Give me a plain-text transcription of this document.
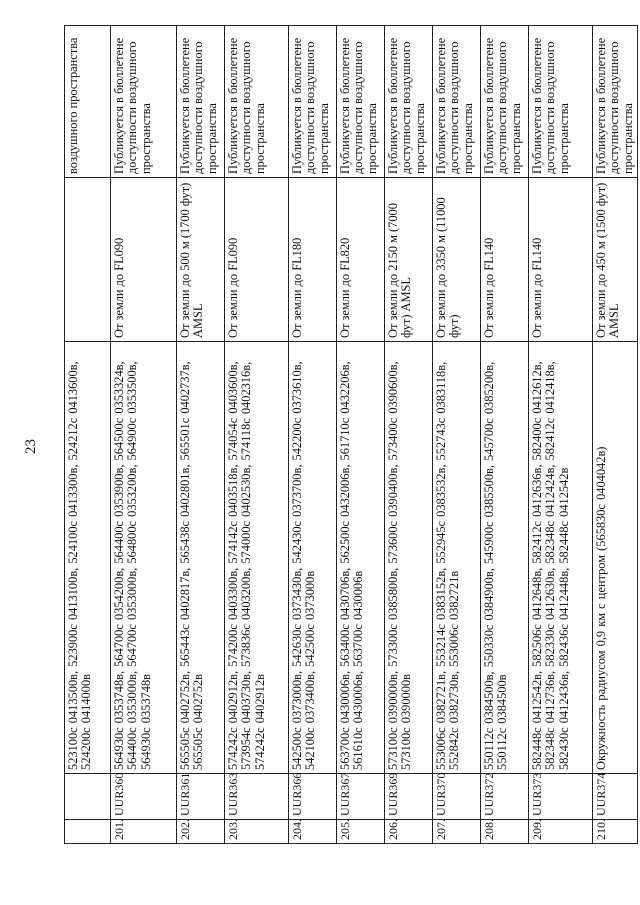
23
		523100с 0413500в, 523900с 0413100в, 524100с 0413300в, 524212с 0413600в, 524200с 0414000в		воздушного пространства
201.	UUR360	564930с 0353748в, 564700с 0354200в, 564400с 0353900в, 564500с 0353324в, 564400с 0353000в, 564700с 0353000в, 564800с 0353200в, 564900с 0353500в, 564930с 0353748в	От земли до FL090	Публикуется в бюллетене доступности воздушного пространства
202.	UUR361	565505с 0402752в, 565443с 0402817в, 565438с 0402801в, 565501с 0402737в, 565505с 0402752в	От земли до 500 м (1700 фут) AMSL	Публикуется в бюллетене доступности воздушного пространства
203.	UUR363	574242с 0402912в, 574200с 0403300в, 574142с 0403518в, 574054с 0403600в, 573954с 0403730в, 573836с 0403200в, 574000с 0402530в, 574118с 0402316в, 574242с 0402912в	От земли до FL090	Публикуется в бюллетене доступности воздушного пространства
204.	UUR366	542500с 0373000в, 542630с 0373430в, 542430с 0373700в, 542200с 0373610в, 542100с 0373400в, 542500с 0373000в	От земли до FL180	Публикуется в бюллетене доступности воздушного пространства
205.	UUR367	563700с 0430006в, 563400с 0430706в, 562500с 0432006в, 561710с 0432206в, 561610с 0430006в, 563700с 0430006в	От земли до FL820	Публикуется в бюллетене доступности воздушного пространства
206.	UUR369	573100с 0390000в, 573300с 0385800в, 573600с 0390400в, 573400с 0390600в, 573100с 0390000в	От земли до 2150 м (7000 фут) AMSL	Публикуется в бюллетене доступности воздушного пространства
207.	UUR370	553006с 0382721в, 553214с 0383152в, 552945с 0383532в, 552743с 0383118в, 552842с 0382730в, 553006с 0382721в	От земли до 3350 м (11000 фут)	Публикуется в бюллетене доступности воздушного пространства
208.	UUR372	550112с 0384500в, 550330с 0384900в, 545900с 0385500в, 545700с 0385200в, 550112с 0384500в	От земли до FL140	Публикуется в бюллетене доступности воздушного пространства
209.	UUR373	582448с 0412542в, 582506с 0412648в, 582412с 0412636в, 582400с 0412612в, 582348с 0412736в, 582330с 0412630в, 582348с 0412424в, 582412с 0412418в, 582430с 0412436в, 582436с 0412448в, 582448с 0412542в	От земли до FL140	Публикуется в бюллетене доступности воздушного пространства
210.	UUR374	Окружность радиусом 0,9 км с центром (565830с 0404042в)	От земли до 450 м (1500 фут) AMSL	Публикуется в бюллетене доступности воздушного пространства
